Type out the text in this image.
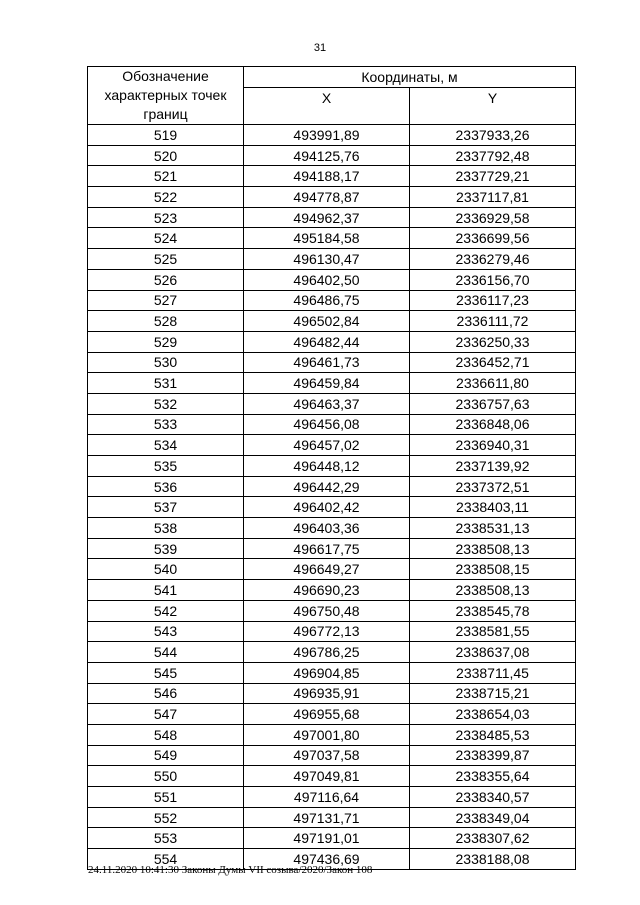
31
Обозначение характерных точек границ	Координаты, м	
	X	Y
519	493991,89	2337933,26
520	494125,76	2337792,48
521	494188,17	2337729,21
522	494778,87	2337117,81
523	494962,37	2336929,58
524	495184,58	2336699,56
525	496130,47	2336279,46
526	496402,50	2336156,70
527	496486,75	2336117,23
528	496502,84	2336111,72
529	496482,44	2336250,33
530	496461,73	2336452,71
531	496459,84	2336611,80
532	496463,37	2336757,63
533	496456,08	2336848,06
534	496457,02	2336940,31
535	496448,12	2337139,92
536	496442,29	2337372,51
537	496402,42	2338403,11
538	496403,36	2338531,13
539	496617,75	2338508,13
540	496649,27	2338508,15
541	496690,23	2338508,13
542	496750,48	2338545,78
543	496772,13	2338581,55
544	496786,25	2338637,08
545	496904,85	2338711,45
546	496935,91	2338715,21
547	496955,68	2338654,03
548	497001,80	2338485,53
549	497037,58	2338399,87
550	497049,81	2338355,64
551	497116,64	2338340,57
552	497131,71	2338349,04
553	497191,01	2338307,62
554	497436,69	2338188,08
24.11.2020 10:41:30 Законы Думы VII созыва/2020/Закон 108
